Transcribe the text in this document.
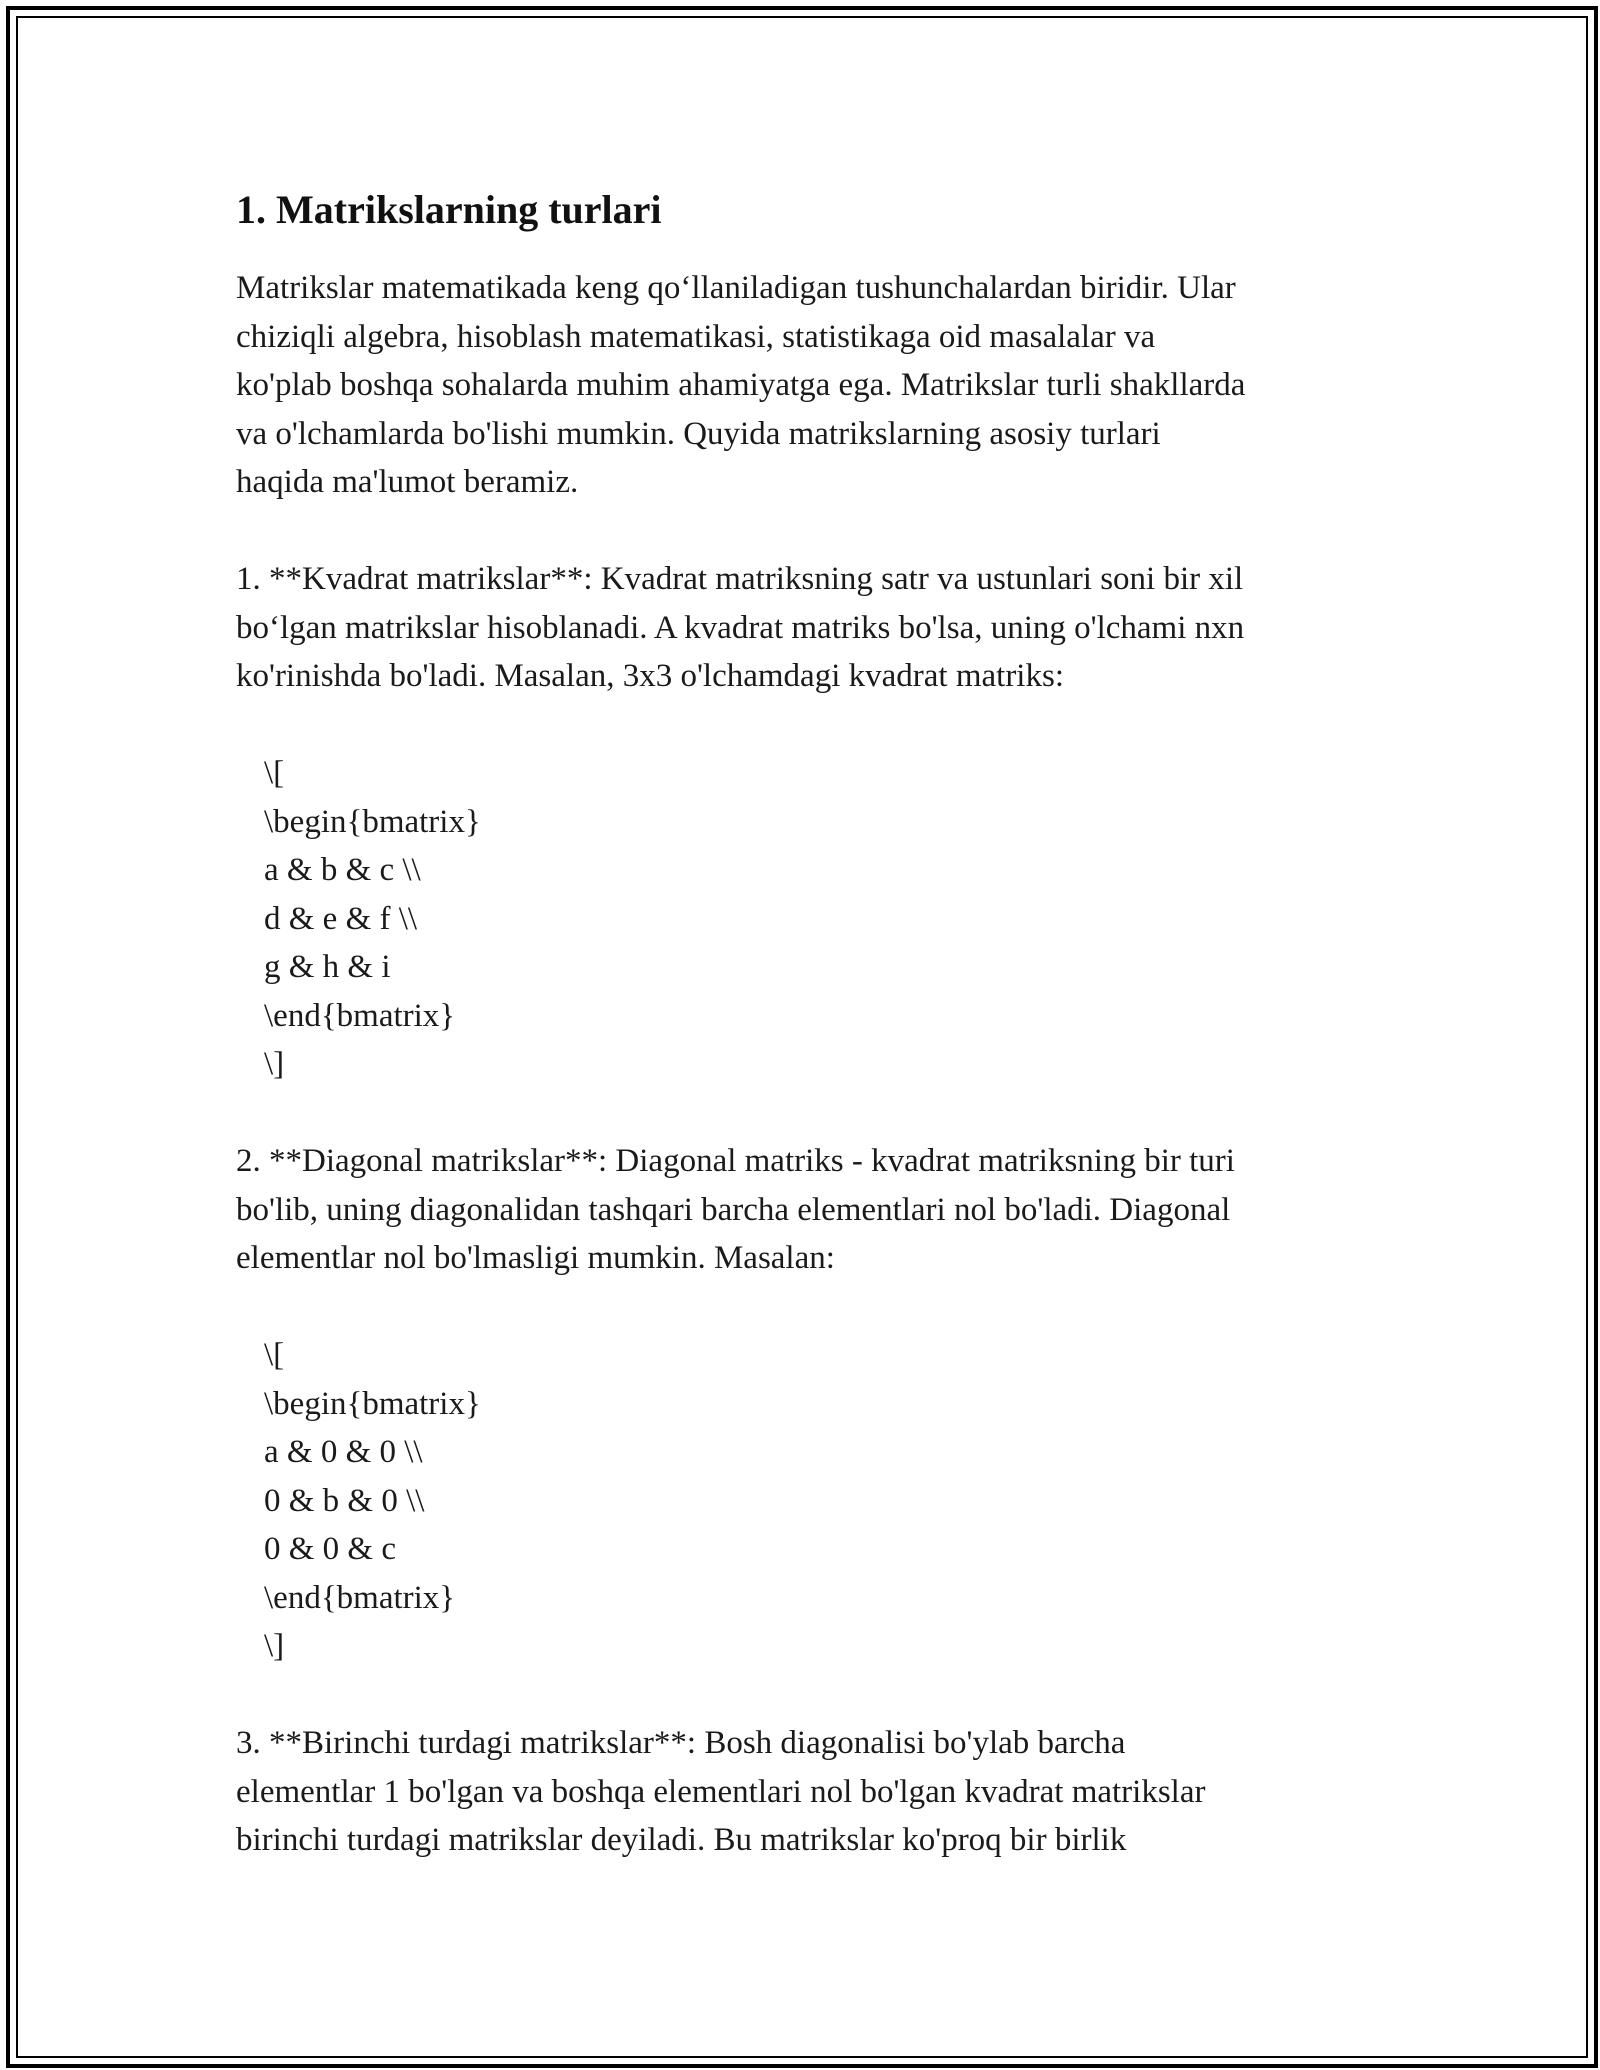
1. Matrikslarning turlari

Matrikslar matematikada keng qo‘llaniladigan tushunchalardan biridir. Ular
chiziqli algebra, hisoblash matematikasi, statistikaga oid masalalar va
ko'plab boshqa sohalarda muhim ahamiyatga ega. Matrikslar turli shakllarda
va o'lchamlarda bo'lishi mumkin. Quyida matrikslarning asosiy turlari
haqida ma'lumot beramiz.

1. **Kvadrat matrikslar**: Kvadrat matriksning satr va ustunlari soni bir xil
bo‘lgan matrikslar hisoblanadi. A kvadrat matriks bo'lsa, uning o'lchami nxn
ko'rinishda bo'ladi. Masalan, 3x3 o'lchamdagi kvadrat matriks:

\[
\begin{bmatrix}
a & b & c \\
d & e & f \\
g & h & i
\end{bmatrix}
\]

2. **Diagonal matrikslar**: Diagonal matriks - kvadrat matriksning bir turi
bo'lib, uning diagonalidan tashqari barcha elementlari nol bo'ladi. Diagonal
elementlar nol bo'lmasligi mumkin. Masalan:

\[
\begin{bmatrix}
a & 0 & 0 \\
0 & b & 0 \\
0 & 0 & c
\end{bmatrix}
\]

3. **Birinchi turdagi matrikslar**: Bosh diagonalisi bo'ylab barcha
elementlar 1 bo'lgan va boshqa elementlari nol bo'lgan kvadrat matrikslar
birinchi turdagi matrikslar deyiladi. Bu matrikslar ko'proq bir birlik
